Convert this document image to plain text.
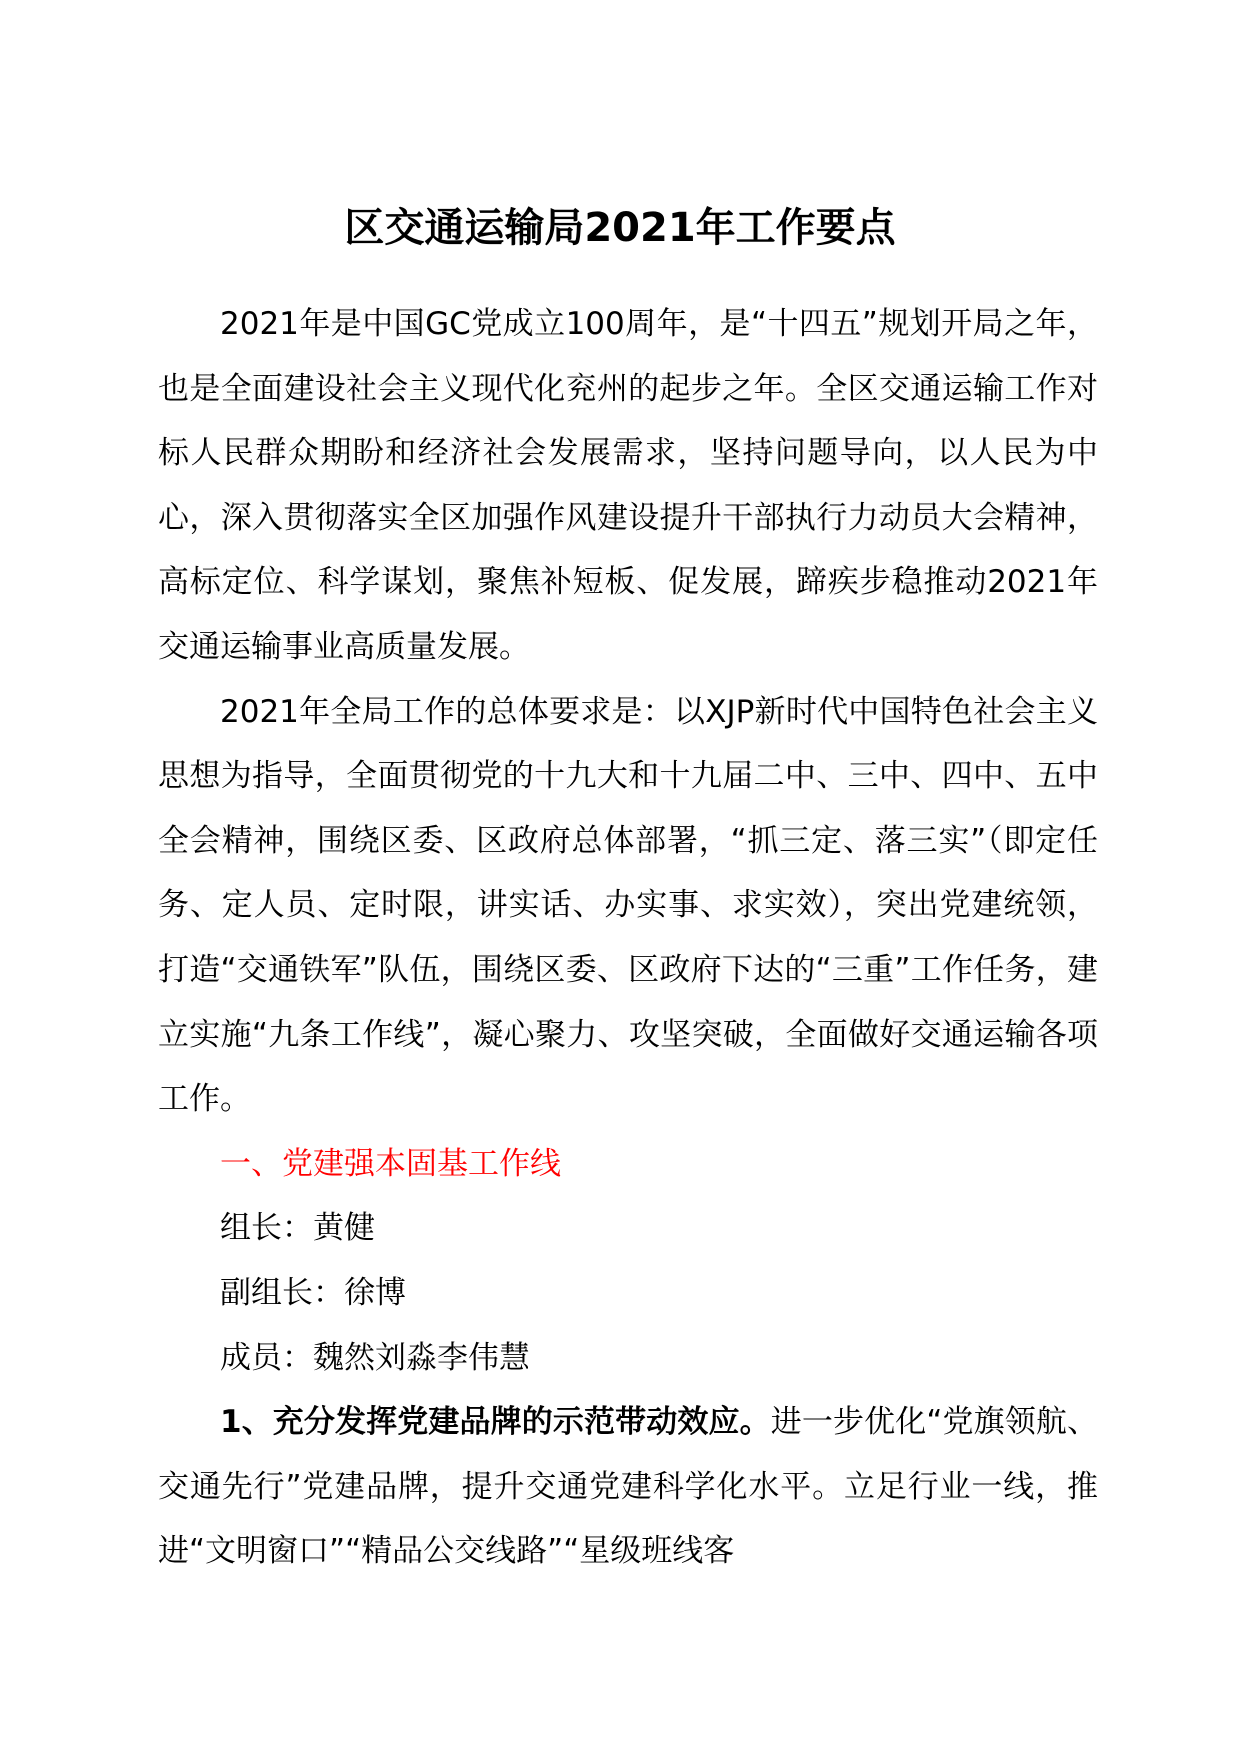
区交通运输局2021年工作要点

2021年是中国GC党成立100周年，是“十四五”规划开局之年，也是全面建设社会主义现代化兖州的起步之年。全区交通运输工作对标人民群众期盼和经济社会发展需求，坚持问题导向，以人民为中心，深入贯彻落实全区加强作风建设提升干部执行力动员大会精神，高标定位、科学谋划，聚焦补短板、促发展，蹄疾步稳推动2021年交通运输事业高质量发展。

2021年全局工作的总体要求是：以XJP新时代中国特色社会主义思想为指导，全面贯彻党的十九大和十九届二中、三中、四中、五中全会精神，围绕区委、区政府总体部署，“抓三定、落三实”（即定任务、定人员、定时限，讲实话、办实事、求实效），突出党建统领，打造“交通铁军”队伍，围绕区委、区政府下达的“三重”工作任务，建立实施“九条工作线”，凝心聚力、攻坚突破，全面做好交通运输各项工作。

一、党建强本固基工作线

组长：黄健

副组长：徐博

成员：魏然刘淼李伟慧

1、充分发挥党建品牌的示范带动效应。进一步优化“党旗领航、交通先行”党建品牌，提升交通党建科学化水平。立足行业一线，推进“文明窗口”“精品公交线路”“星级班线客
